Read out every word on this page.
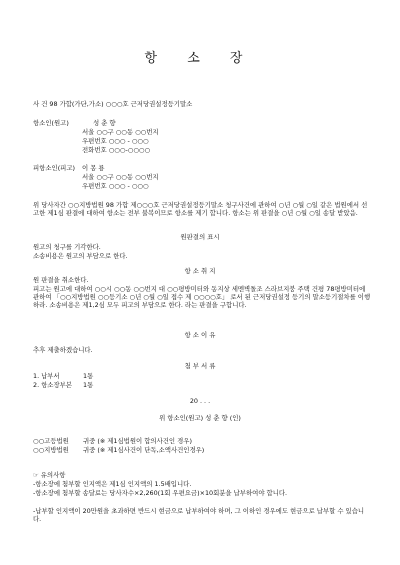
항 소 장
사 건 98 가합(가단,가소) ○○○호 근저당권설정등기말소
항소인(원고)	성 춘 향
서울 ○○구 ○○동 ○○번지
우편번호 ○○○ - ○○○
전화번호 ○○○-○○○○
피항소인(피고) 이 몽 룡
서울 ○○구 ○○동 ○○번지
우편번호 ○○○ - ○○○
위 당사자간 ○○지방법원 98 가합 제○○○호 근저당권설정등기말소 청구사건에 관하여 ○년 ○월 ○일 같은 법원에서 선고한 제1심 판결에 대하여 항소는 전부 불복이므로 항소를 제기 합니다. 항소는 위 판결을 ○년 ○월 ○일 송달 받았음.
원판결의 표시
원고의 청구를 기각한다.
소송비용은 원고의 부담으로 한다.
항 소 취 지
원 판결을 취소한다.
피고는 원고에 대하여 ○○시 ○○동 ○○번지 대 ○○평방미터와 동지상 세멘벽돌조 스라브지붕 주택 건평 78평방미터에 관하여 「○○지방법원 ○○등기소 ○년 ○월 ○일 접수 제 ○○○○호」 로서 된 근저당권설정 등기의 말소등기절차를 이행하라. 소송비용은 제1,2심 모두 피고의 부담으로 한다. 라는 판결을 구합니다.
항 소 이 유
추후 제출하겠습니다.
첨 부 서 류
1. 납부서	1통
2. 항소장부본 1통
20 . . .
위 항소인(원고) 성 춘 향 (인)
○○고등법원 귀중 (※ 제1심법원이 합의사건인 경우)
○○지방법원 귀중 (※ 제1심사건이 단독,소액사건인경우)
☞ 유의사항
-항소장에 첨부할 인지액은 제1심 인지액의 1.5배입니다.
-항소장에 첨부할 송달료는 당사자수×2,260(1회 우편요금)×10회분을 납부하여야 합니다.
-납부할 인지액이 20만원을 초과하면 반드시 현금으로 납부하여야 하며, 그 이하인 경우에도 현금으로 납부할 수 있습니다.
